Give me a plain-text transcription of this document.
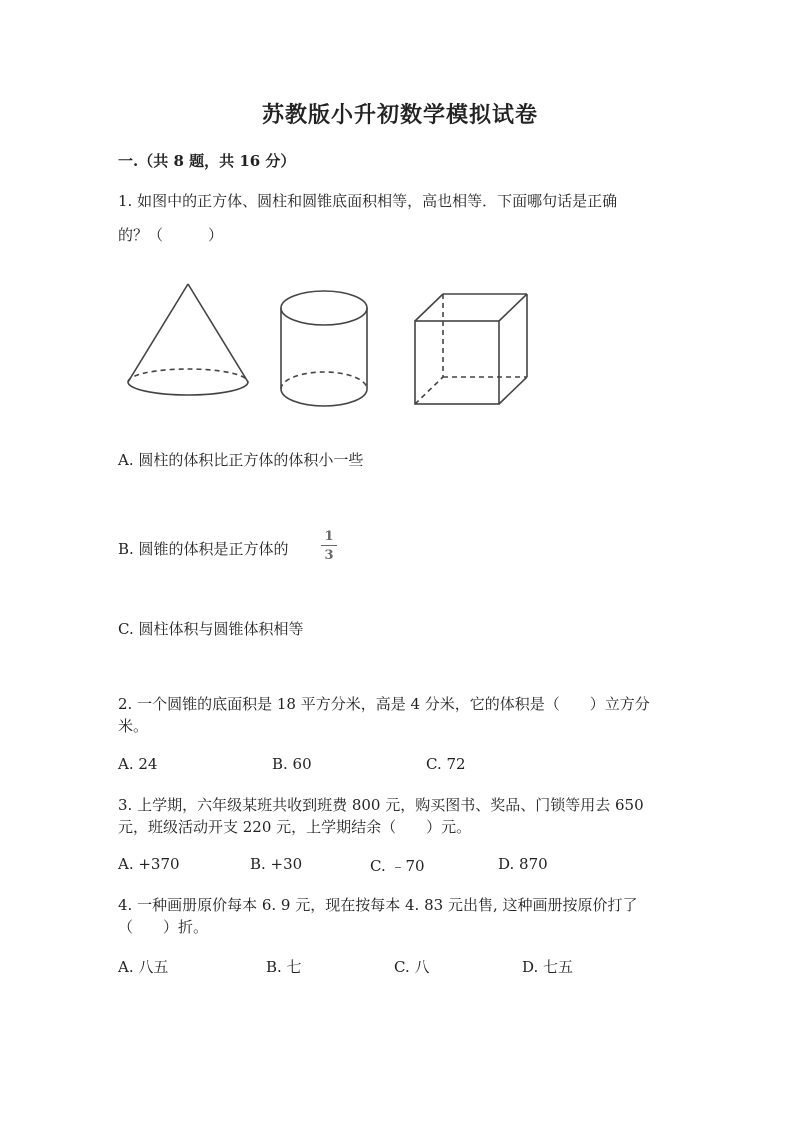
苏教版小升初数学模拟试卷
一.（共 8 题，共 16 分）
1. 如图中的正方体、圆柱和圆锥底面积相等，高也相等．下面哪句话是正确
的？（　　　）
A. 圆柱的体积比正方体的体积小一些
B. 圆锥的体积是正方体的
1
3
C. 圆柱体积与圆锥体积相等
2. 一个圆锥的底面积是 18 平方分米，高是 4 分米，它的体积是（　　）立方分
米。
A. 24	B. 60	C. 72
3. 上学期，六年级某班共收到班费 800 元，购买图书、奖品、门锁等用去 650
元，班级活动开支 220 元，上学期结余（　　）元。
A. +370	B. +30	C. ﹣70	D. 870
4. 一种画册原价每本 6. 9 元，现在按每本 4. 83 元出售, 这种画册按原价打了
（　　）折。
A. 八五	B. 七	C. 八	D. 七五
